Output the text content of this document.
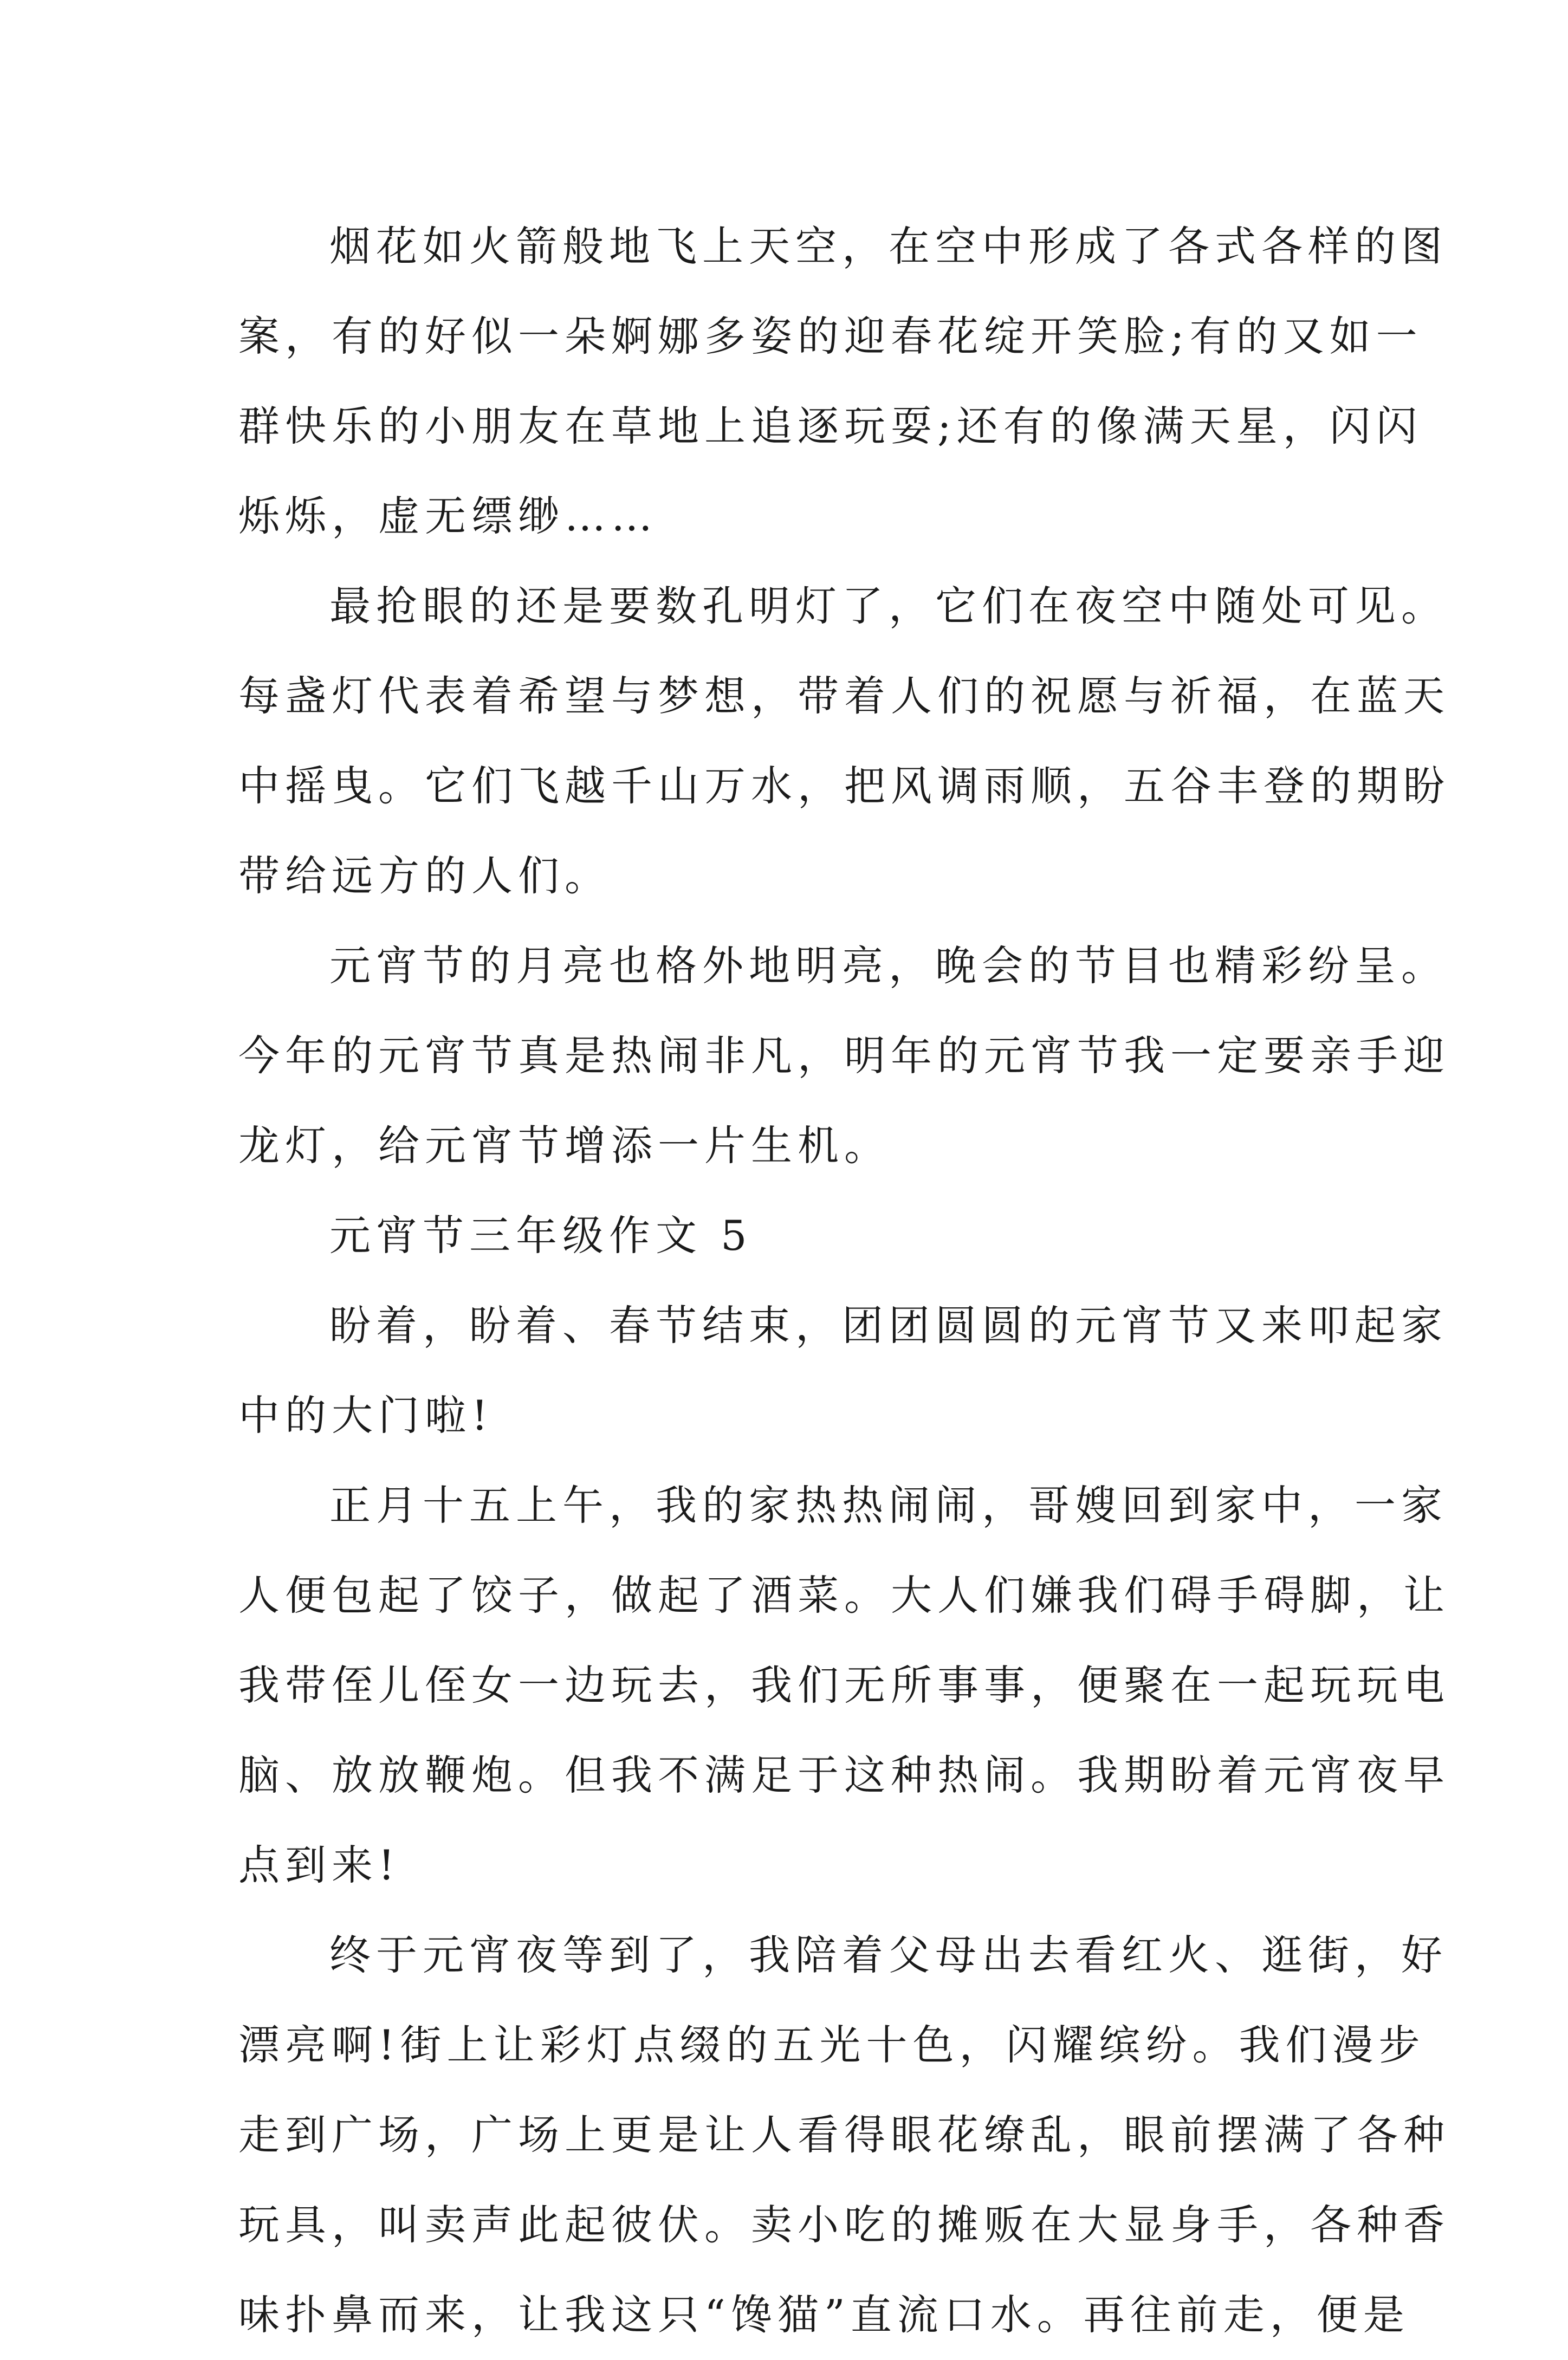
烟花如火箭般地飞上天空，在空中形成了各式各样的图
案，有的好似一朵婀娜多姿的迎春花绽开笑脸;有的又如一
群快乐的小朋友在草地上追逐玩耍;还有的像满天星，闪闪
烁烁，虚无缥缈……
最抢眼的还是要数孔明灯了，它们在夜空中随处可见。
每盏灯代表着希望与梦想，带着人们的祝愿与祈福，在蓝天
中摇曳。它们飞越千山万水，把风调雨顺，五谷丰登的期盼
带给远方的人们。
元宵节的月亮也格外地明亮，晚会的节目也精彩纷呈。
今年的元宵节真是热闹非凡，明年的元宵节我一定要亲手迎
龙灯，给元宵节增添一片生机。
元宵节三年级作文 5
盼着，盼着、春节结束，团团圆圆的元宵节又来叩起家
中的大门啦!
正月十五上午，我的家热热闹闹，哥嫂回到家中，一家
人便包起了饺子，做起了酒菜。大人们嫌我们碍手碍脚，让
我带侄儿侄女一边玩去，我们无所事事，便聚在一起玩玩电
脑、放放鞭炮。但我不满足于这种热闹。我期盼着元宵夜早
点到来!
终于元宵夜等到了，我陪着父母出去看红火、逛街，好
漂亮啊!街上让彩灯点缀的五光十色，闪耀缤纷。我们漫步
走到广场，广场上更是让人看得眼花缭乱，眼前摆满了各种
玩具，叫卖声此起彼伏。卖小吃的摊贩在大显身手，各种香
味扑鼻而来，让我这只“馋猫”直流口水。再往前走，便是
